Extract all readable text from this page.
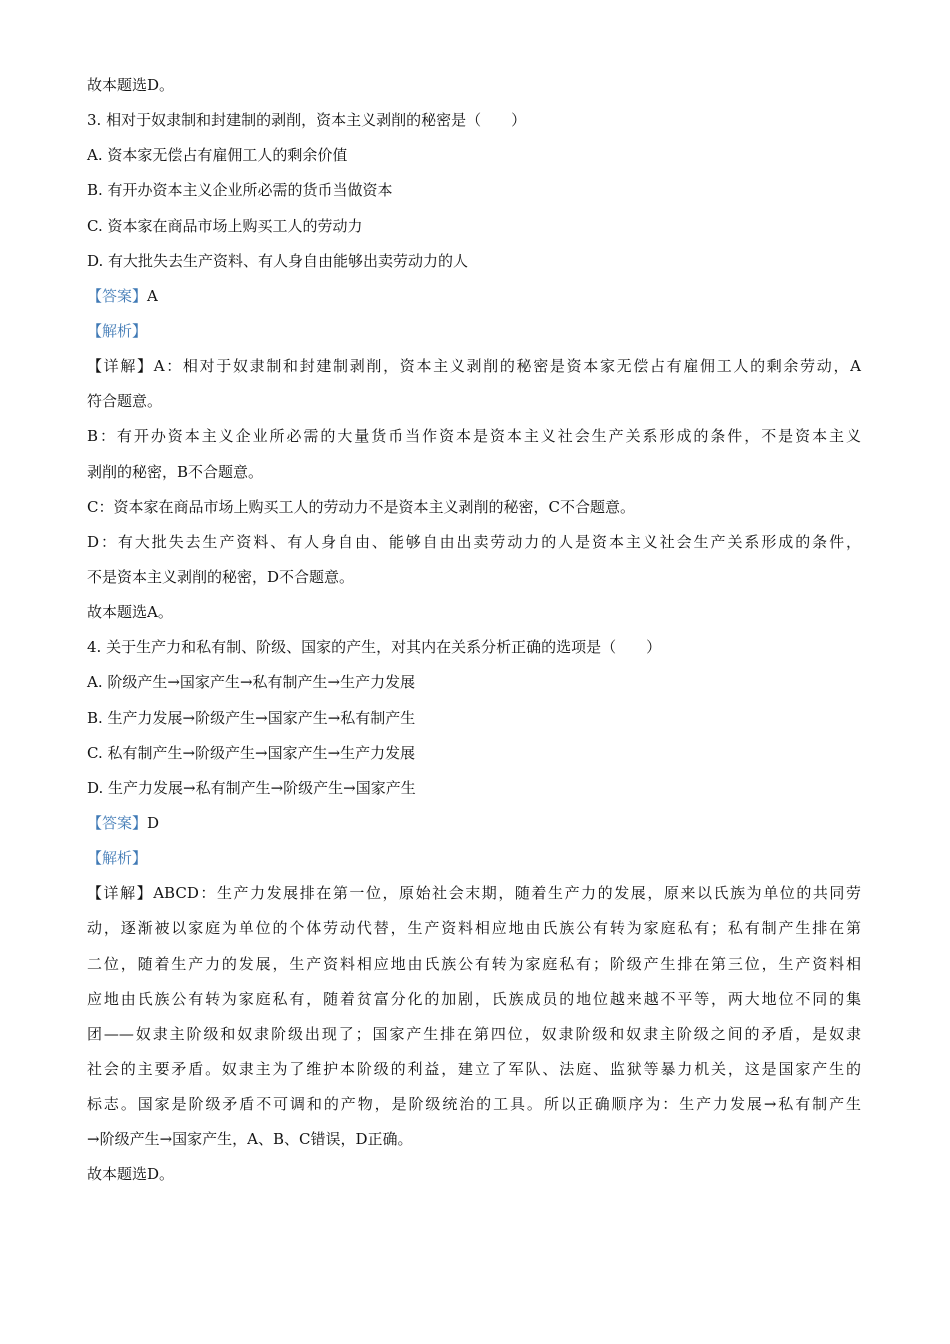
故本题选D。
3. 相对于奴隶制和封建制的剥削，资本主义剥削的秘密是（　　）
A. 资本家无偿占有雇佣工人的剩余价值
B. 有开办资本主义企业所必需的货币当做资本
C. 资本家在商品市场上购买工人的劳动力
D. 有大批失去生产资料、有人身自由能够出卖劳动力的人
【答案】A
【解析】
【详解】A：相对于奴隶制和封建制剥削，资本主义剥削的秘密是资本家无偿占有雇佣工人的剩余劳动，A
符合题意。
B：有开办资本主义企业所必需的大量货币当作资本是资本主义社会生产关系形成的条件，不是资本主义
剥削的秘密，B不合题意。
C：资本家在商品市场上购买工人的劳动力不是资本主义剥削的秘密，C不合题意。
D：有大批失去生产资料、有人身自由、能够自由出卖劳动力的人是资本主义社会生产关系形成的条件，
不是资本主义剥削的秘密，D不合题意。
故本题选A。
4. 关于生产力和私有制、阶级、国家的产生，对其内在关系分析正确的选项是（　　）
A. 阶级产生→国家产生→私有制产生→生产力发展
B. 生产力发展→阶级产生→国家产生→私有制产生
C. 私有制产生→阶级产生→国家产生→生产力发展
D. 生产力发展→私有制产生→阶级产生→国家产生
【答案】D
【解析】
【详解】ABCD：生产力发展排在第一位，原始社会末期，随着生产力的发展，原来以氏族为单位的共同劳
动，逐渐被以家庭为单位的个体劳动代替，生产资料相应地由氏族公有转为家庭私有；私有制产生排在第
二位，随着生产力的发展，生产资料相应地由氏族公有转为家庭私有；阶级产生排在第三位，生产资料相
应地由氏族公有转为家庭私有，随着贫富分化的加剧，氏族成员的地位越来越不平等，两大地位不同的集
团——奴隶主阶级和奴隶阶级出现了；国家产生排在第四位，奴隶阶级和奴隶主阶级之间的矛盾，是奴隶
社会的主要矛盾。奴隶主为了维护本阶级的利益，建立了军队、法庭、监狱等暴力机关，这是国家产生的
标志。国家是阶级矛盾不可调和的产物，是阶级统治的工具。所以正确顺序为：生产力发展→私有制产生
→阶级产生→国家产生，A、B、C错误，D正确。
故本题选D。
